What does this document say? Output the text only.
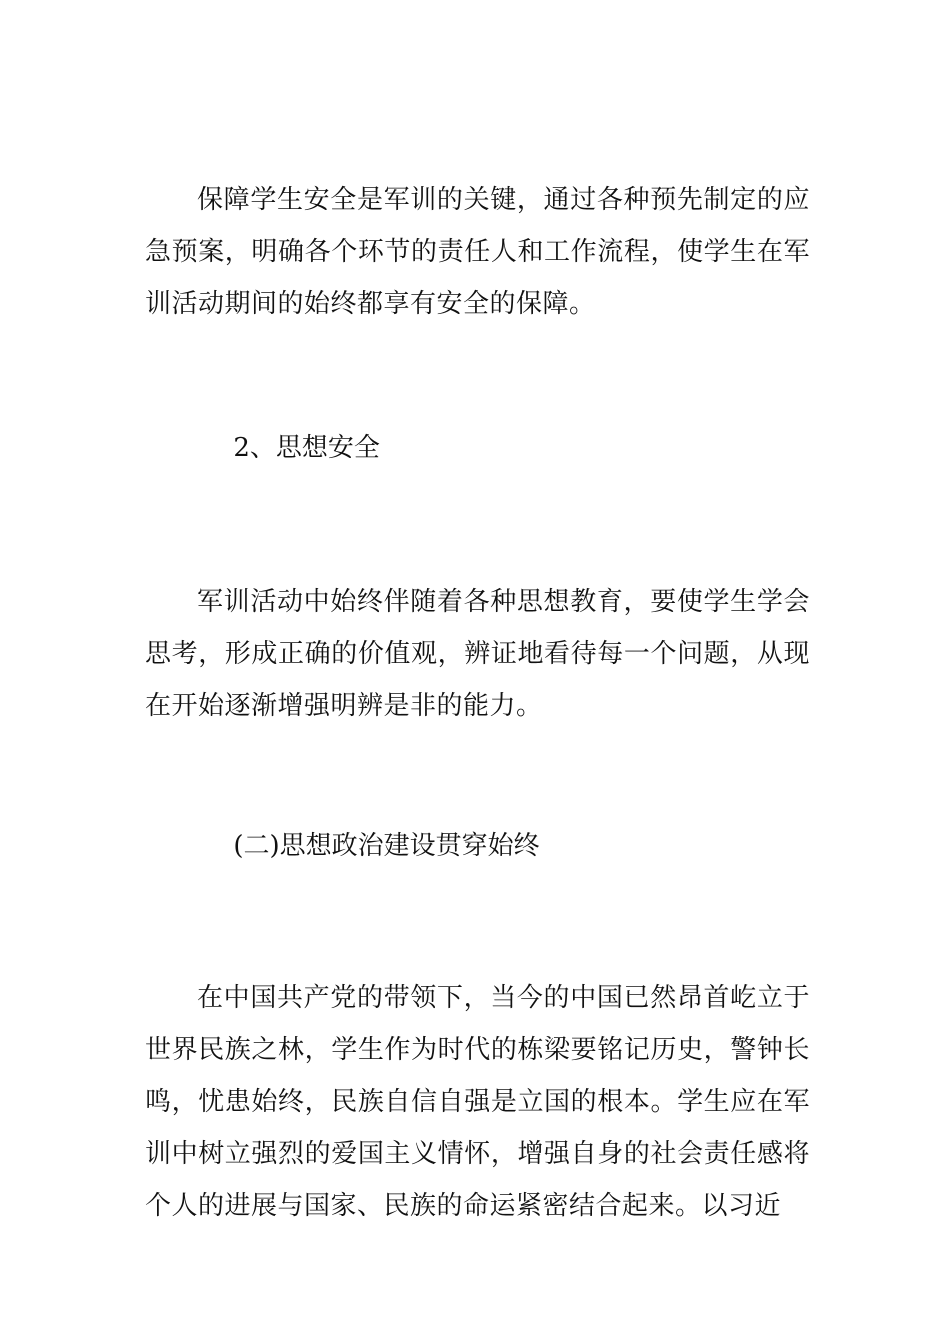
保障学生安全是军训的关键，通过各种预先制定的应急预案，明确各个环节的责任人和工作流程，使学生在军训活动期间的始终都享有安全的保障。

2、思想安全

军训活动中始终伴随着各种思想教育，要使学生学会思考，形成正确的价值观，辨证地看待每一个问题，从现在开始逐渐增强明辨是非的能力。

(二)思想政治建设贯穿始终

在中国共产党的带领下，当今的中国已然昂首屹立于世界民族之林，学生作为时代的栋梁要铭记历史，警钟长鸣，忧患始终，民族自信自强是立国的根本。学生应在军训中树立强烈的爱国主义情怀，增强自身的社会责任感将个人的进展与国家、民族的命运紧密结合起来。以习近
